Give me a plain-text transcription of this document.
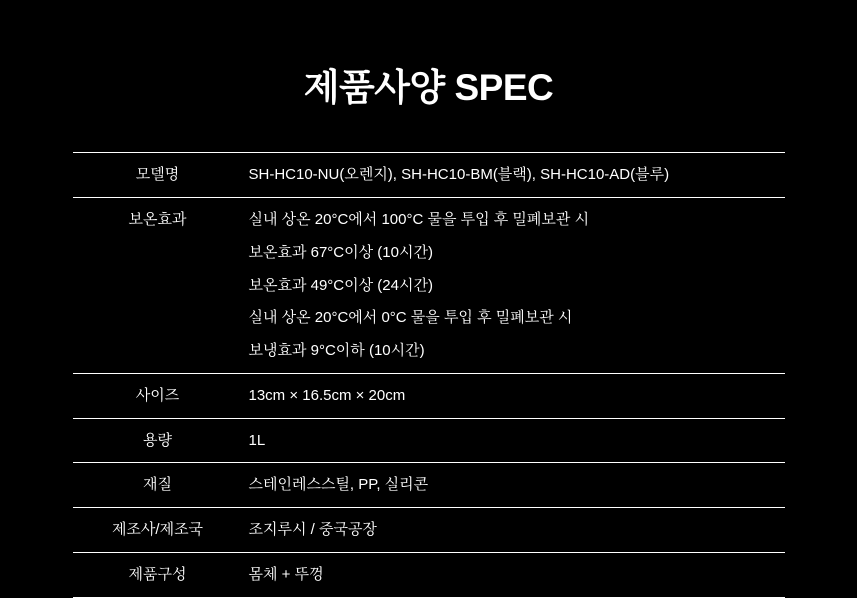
제품사양 SPEC
모델명	SH-HC10-NU(오렌지), SH-HC10-BM(블랙), SH-HC10-AD(블루)

보온효과	실내 상온 20°C에서 100°C 물을 투입 후 밀폐보관 시
보온효과 67°C이상 (10시간)
보온효과 49°C이상 (24시간)
실내 상온 20°C에서 0°C 물을 투입 후 밀폐보관 시
보냉효과 9°C이하 (10시간)

사이즈	13cm × 16.5cm × 20cm

용량	1L

재질	스테인레스스틸, PP, 실리콘

제조사/제조국	조지루시 / 중국공장

제품구성	몸체 + 뚜껑
